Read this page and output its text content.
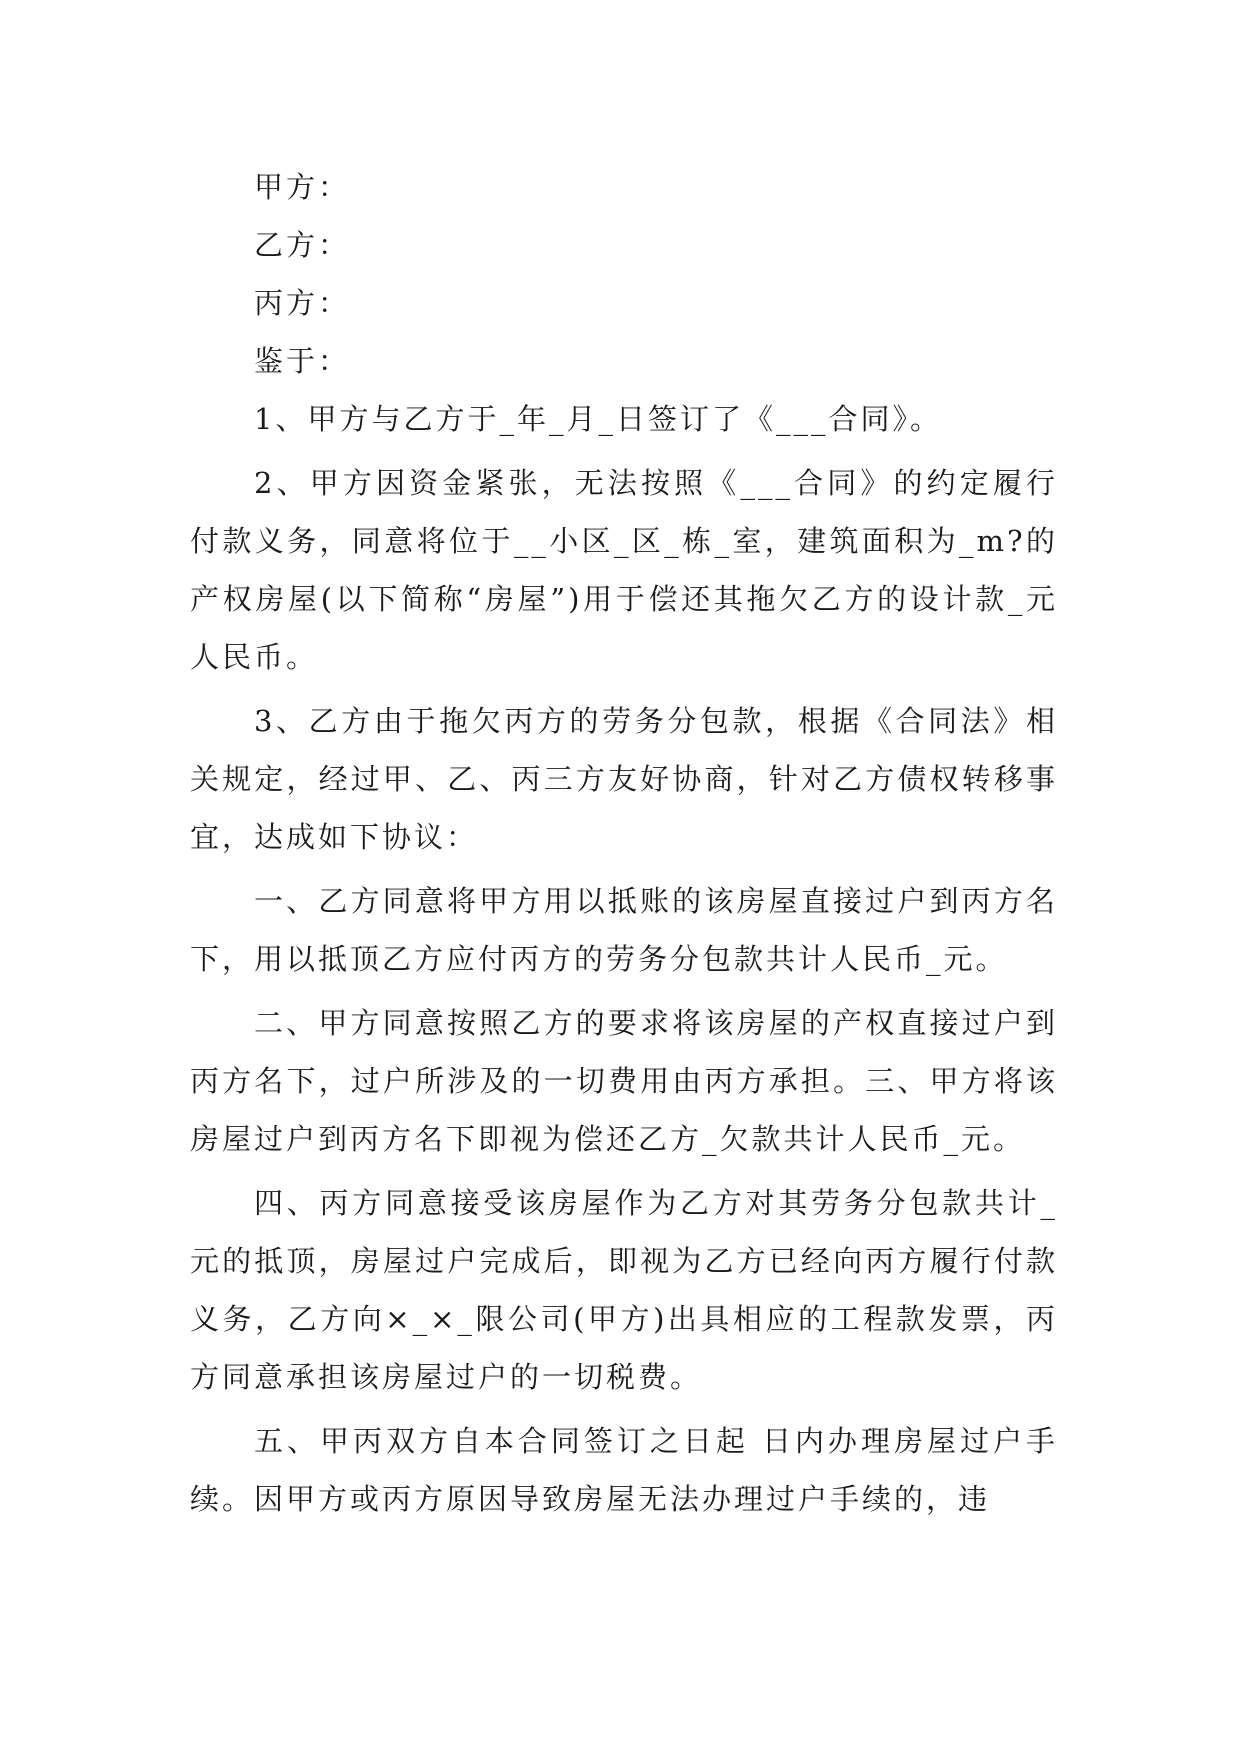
甲方：

乙方：

丙方：

鉴于：

1、甲方与乙方于_年_月_日签订了《___合同》。

2、甲方因资金紧张，无法按照《___合同》的约定履行付款义务，同意将位于__小区_区_栋_室，建筑面积为_m?的产权房屋(以下简称“房屋”)用于偿还其拖欠乙方的设计款_元人民币。

3、乙方由于拖欠丙方的劳务分包款，根据《合同法》相关规定，经过甲、乙、丙三方友好协商，针对乙方债权转移事宜，达成如下协议：

一、乙方同意将甲方用以抵账的该房屋直接过户到丙方名下，用以抵顶乙方应付丙方的劳务分包款共计人民币_元。

二、甲方同意按照乙方的要求将该房屋的产权直接过户到丙方名下，过户所涉及的一切费用由丙方承担。三、甲方将该房屋过户到丙方名下即视为偿还乙方_欠款共计人民币_元。

四、丙方同意接受该房屋作为乙方对其劳务分包款共计_元的抵顶，房屋过户完成后，即视为乙方已经向丙方履行付款义务，乙方向×_×_限公司(甲方)出具相应的工程款发票，丙方同意承担该房屋过户的一切税费。

五、甲丙双方自本合同签订之日起 日内办理房屋过户手续。因甲方或丙方原因导致房屋无法办理过户手续的，违
